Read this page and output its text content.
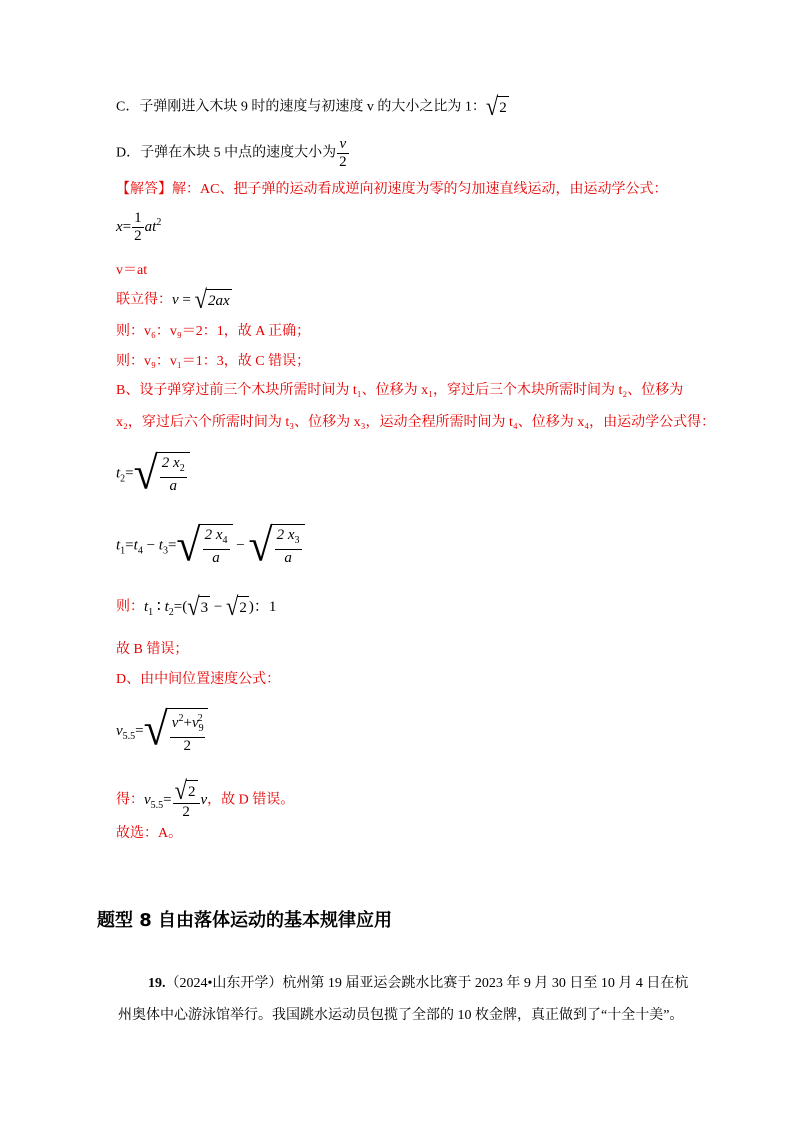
C．子弹刚进入木块 9 时的速度与初速度 v 的大小之比为 1： √ 2
D．子弹在木块 5 中点的速度大小为 $\frac{v}{2}$
【解答】解：AC、把子弹的运动看成逆向初速度为零的匀加速直线运动，由运动学公式：
$x= \frac{1}{2} at^2$
v＝at
联立得：v = √ 2ax
则：v₆：v₉＝2：1，故 A 正确；
则：v₉：v₁＝1：3，故 C 错误；
B、设子弹穿过前三个木块所需时间为 t₁、位移为 x₁，穿过后三个木块所需时间为 t₂、位移为
x₂，穿过后六个所需时间为 t₃、位移为 x₃，运动全程所需时间为 t₄、位移为 x₄，由运动学公式得：
$t_2=$ √ $\frac{2 x_2}{a}$
$t_1=t_4 - t_3=$ √ $\frac{2 x_4}{a}$ − √ $\frac{2 x_3}{a}$
则：$t_1$ ∶ $t_2=$( √ 3 − √ 2 )：1
故 B 错误；
D、由中间位置速度公式：
$v_{5.5}=$ √ $\frac{v^2+v_9^2}{2}$
得：$v_{5.5}= \frac{√ 2}{2}$ v，故 D 错误。
故选：A。
题型 8 自由落体运动的基本规律应用
19.（2024•山东开学）杭州第 19 届亚运会跳水比赛于 2023 年 9 月 30 日至 10 月 4 日在杭
州奥体中心游泳馆举行。我国跳水运动员包揽了全部的 10 枚金牌，真正做到了“十全十美”。
